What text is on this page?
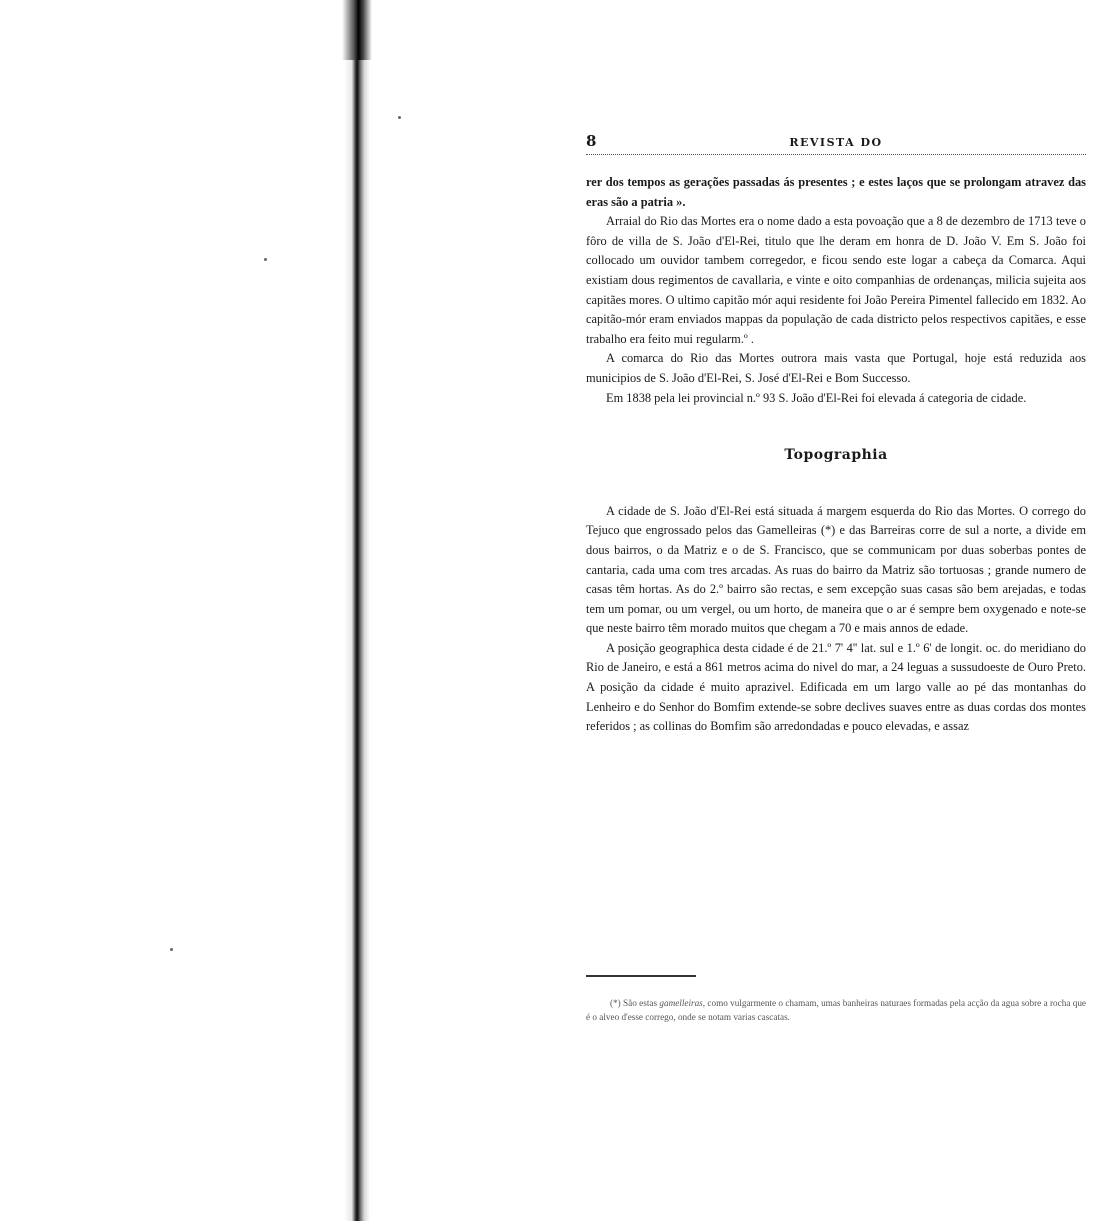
8	REVISTA DO

rer dos tempos as gerações passadas ás presentes ; e estes laços que se prolongam atravez das eras são a patria ».

Arraial do Rio das Mortes era o nome dado a esta povoação que a 8 de dezembro de 1713 teve o fôro de villa de S. João d'El-Rei, titulo que lhe deram em honra de D. João V. Em S. João foi collocado um ouvidor tambem corregedor, e ficou sendo este logar a cabeça da Comarca. Aqui existiam dous regimentos de cavallaria, e vinte e oito companhias de ordenanças, milicia sujeita aos capitães mores. O ultimo capitão mór aqui residente foi João Pereira Pimentel fallecido em 1832. Ao capitão-mór eram enviados mappas da população de cada districto pelos respectivos capitães, e esse trabalho era feito mui regularm.º .

A comarca do Rio das Mortes outrora mais vasta que Portugal, hoje está reduzida aos municipios de S. João d'El-Rei, S. José d'El-Rei e Bom Successo.

Em 1838 pela lei provincial n.º 93 S. João d'El-Rei foi elevada á categoria de cidade.

Topographia

A cidade de S. João d'El-Rei está situada á margem esquerda do Rio das Mortes. O corrego do Tejuco que engrossado pelos das Gamelleiras (*) e das Barreiras corre de sul a norte, a divide em dous bairros, o da Matriz e o de S. Francisco, que se communicam por duas soberbas pontes de cantaria, cada uma com tres arcadas. As ruas do bairro da Matriz são tortuosas ; grande numero de casas têm hortas. As do 2.º bairro são rectas, e sem excepção suas casas são bem arejadas, e todas tem um pomar, ou um vergel, ou um horto, de maneira que o ar é sempre bem oxygenado e note-se que neste bairro têm morado muitos que chegam a 70 e mais annos de edade.

A posição geographica desta cidade é de 21.º 7' 4'' lat. sul e 1.º 6' de longit. oc. do meridiano do Rio de Janeiro, e está a 861 metros acima do nivel do mar, a 24 leguas a sussudoeste de Ouro Preto. A posição da cidade é muito aprazivel. Edificada em um largo valle ao pé das montanhas do Lenheiro e do Senhor do Bomfim extende-se sobre declives suaves entre as duas cordas dos montes referidos ; as collinas do Bomfim são arredondadas e pouco elevadas, e assaz

(*) São estas gamelleiras, como vulgarmente o chamam, umas banheiras naturaes formadas pela acção da agua sobre a rocha que é o alveo d'esse corrego, onde se notam varias cascatas.
